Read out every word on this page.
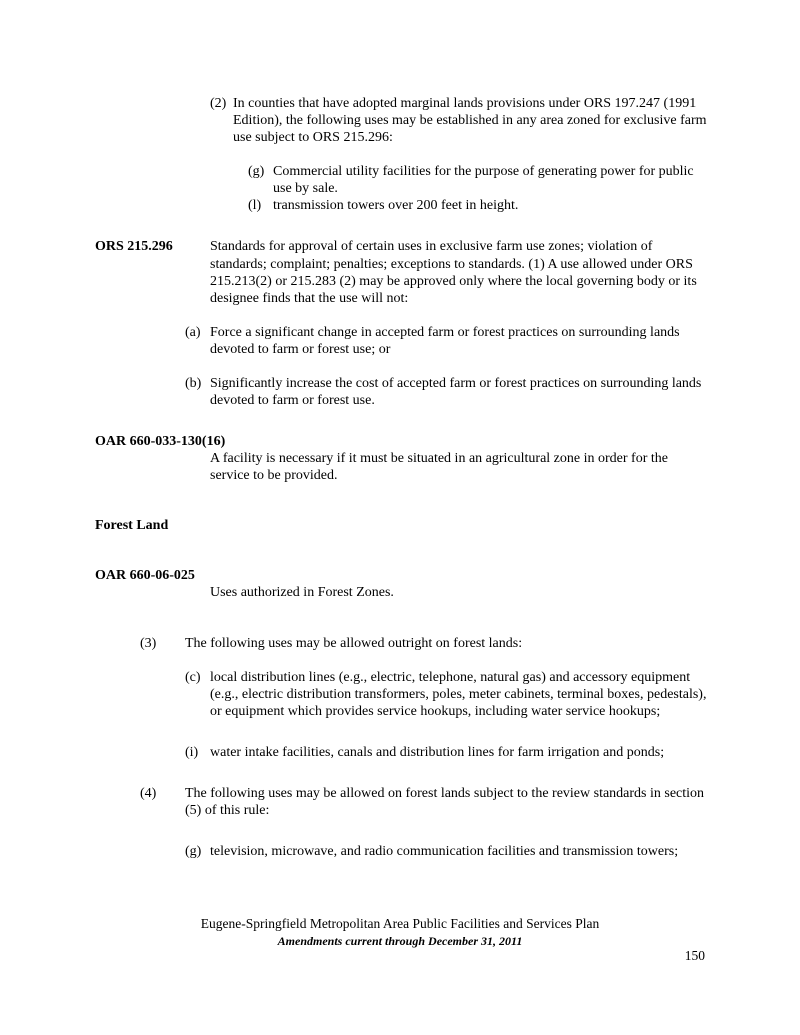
(2) In counties that have adopted marginal lands provisions under ORS 197.247 (1991 Edition), the following uses may be established in any area zoned for exclusive farm use subject to ORS 215.296:
(g) Commercial utility facilities for the purpose of generating power for public use by sale.
(l) transmission towers over 200 feet in height.
ORS 215.296	Standards for approval of certain uses in exclusive farm use zones; violation of standards; complaint; penalties; exceptions to standards. (1) A use allowed under ORS 215.213(2) or 215.283 (2) may be approved only where the local governing body or its designee finds that the use will not:
(a) Force a significant change in accepted farm or forest practices on surrounding lands devoted to farm or forest use; or
(b) Significantly increase the cost of accepted farm or forest practices on surrounding lands devoted to farm or forest use.
OAR 660-033-130(16)
A facility is necessary if it must be situated in an agricultural zone in order for the service to be provided.
Forest Land
OAR 660-06-025
Uses authorized in Forest Zones.
(3)	The following uses may be allowed outright on forest lands:
(c) local distribution lines (e.g., electric, telephone, natural gas) and accessory equipment (e.g., electric distribution transformers, poles, meter cabinets, terminal boxes, pedestals), or equipment which provides service hookups, including water service hookups;
(i) water intake facilities, canals and distribution lines for farm irrigation and ponds;
(4)	The following uses may be allowed on forest lands subject to the review standards in section (5) of this rule:
(g) television, microwave, and radio communication facilities and transmission towers;
Eugene-Springfield Metropolitan Area Public Facilities and Services Plan
Amendments current through December 31, 2011
150
